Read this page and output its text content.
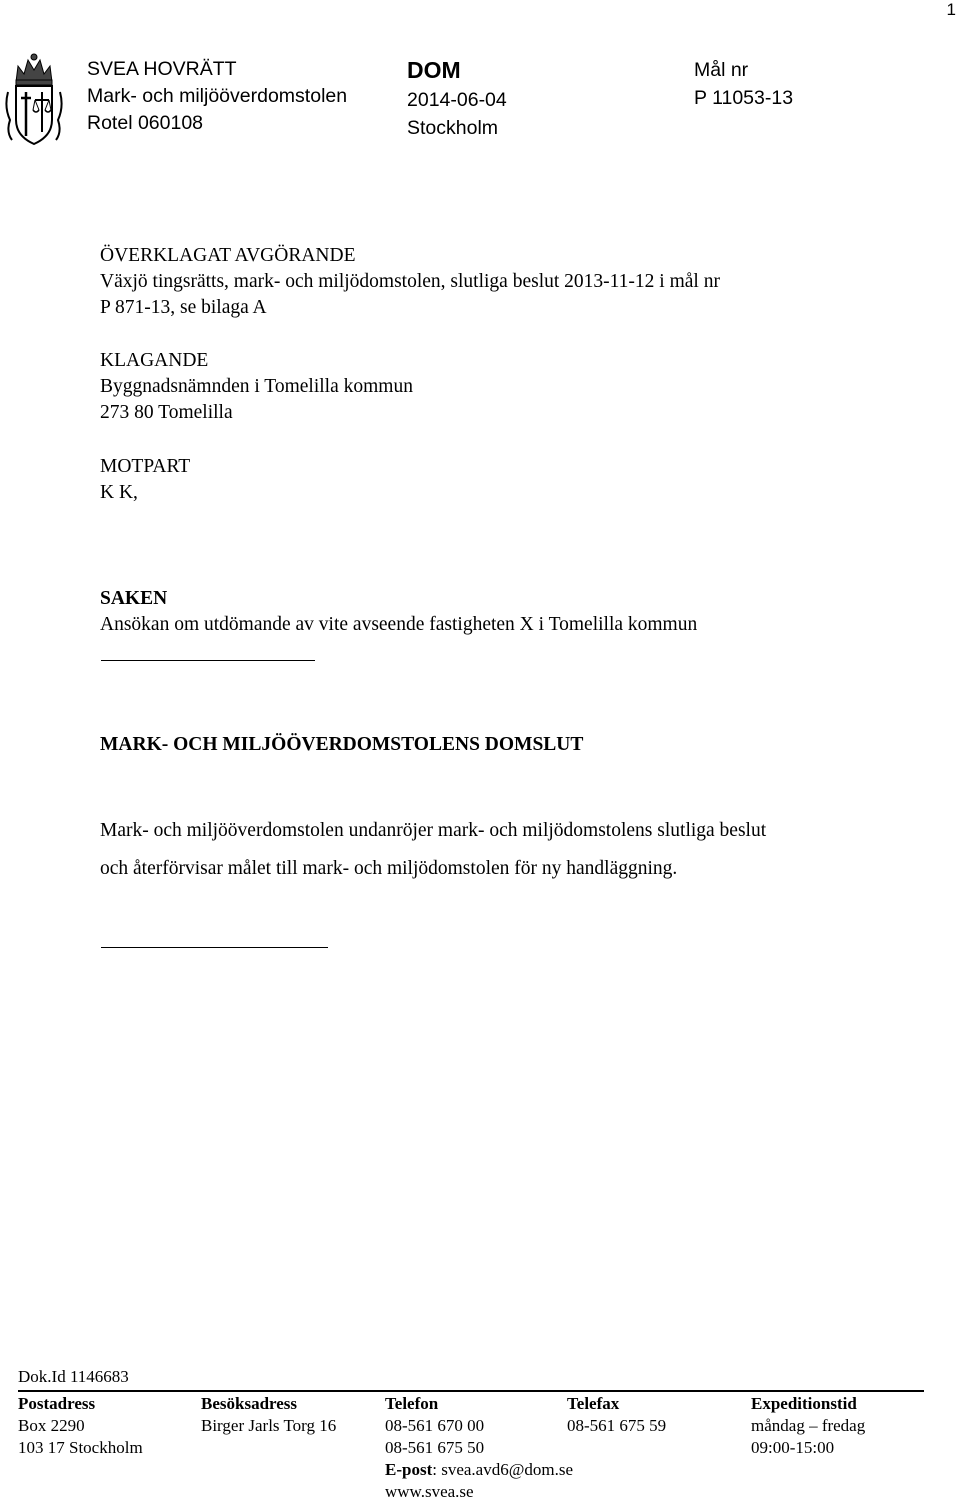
1
SVEA HOVRÄTT
Mark- och miljööverdomstolen
Rotel 060108
DOM
2014-06-04
Stockholm
Mål nr
P 11053-13
ÖVERKLAGAT AVGÖRANDE
Växjö tingsrätts, mark- och miljödomstolen, slutliga beslut 2013-11-12 i mål nr
P 871-13, se bilaga A
KLAGANDE
Byggnadsnämnden i Tomelilla kommun
273 80 Tomelilla
MOTPART
K K,
SAKEN
Ansökan om utdömande av vite avseende fastigheten X i Tomelilla kommun
MARK- OCH MILJÖÖVERDOMSTOLENS DOMSLUT
Mark- och miljööverdomstolen undanröjer mark- och miljödomstolens slutliga beslut
och återförvisar målet till mark- och miljödomstolen för ny handläggning.
Dok.Id 1146683
Postadress
Box 2290
103 17 Stockholm
Besöksadress
Birger Jarls Torg 16
Telefon
08-561 670 00
08-561 675 50
E-post: svea.avd6@dom.se
www.svea.se
Telefax
08-561 675 59
Expeditionstid
måndag – fredag
09:00-15:00
